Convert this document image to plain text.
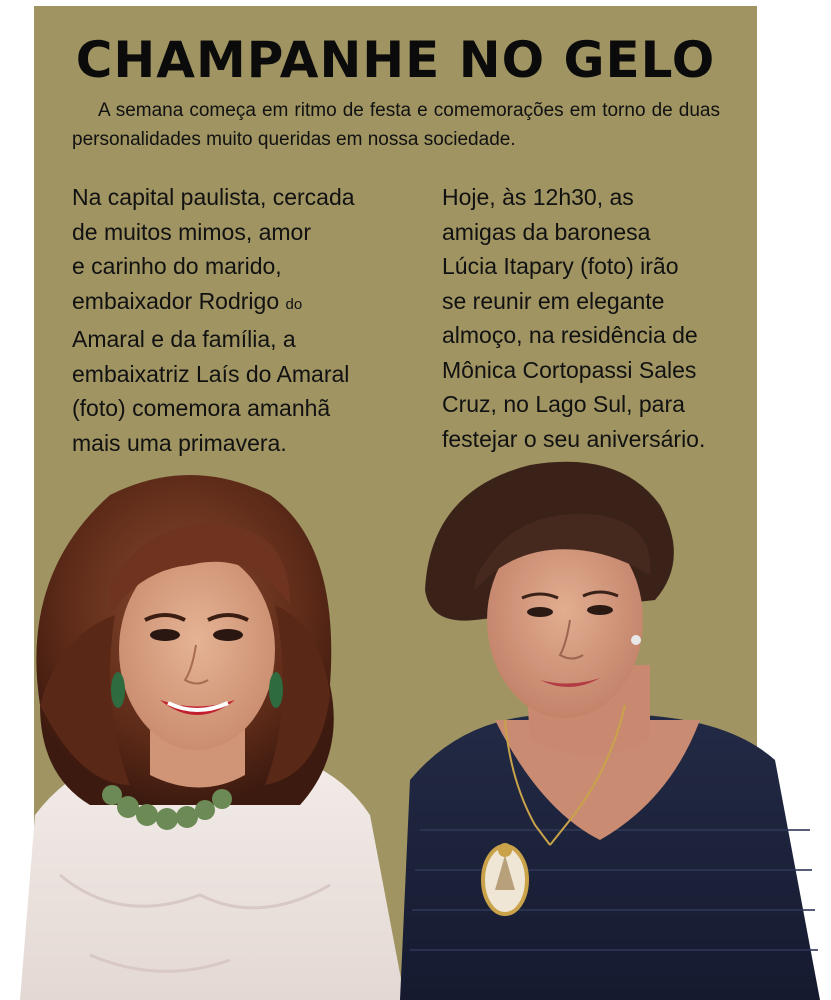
CHAMPANHE NO GELO

A semana começa em ritmo de festa e comemorações em torno de duas personalidades muito queridas em nossa sociedade.

Na capital paulista, cercada
de muitos mimos, amor
e carinho do marido,
embaixador Rodrigo do
Amaral e da família, a
embaixatriz Laís do Amaral
(foto) comemora amanhã
mais uma primavera.

Hoje, às 12h30, as
amigas da baronesa
Lúcia Itapary (foto) irão
se reunir em elegante
almoço, na residência de
Mônica Cortopassi Sales
Cruz, no Lago Sul, para
festejar o seu aniversário.
